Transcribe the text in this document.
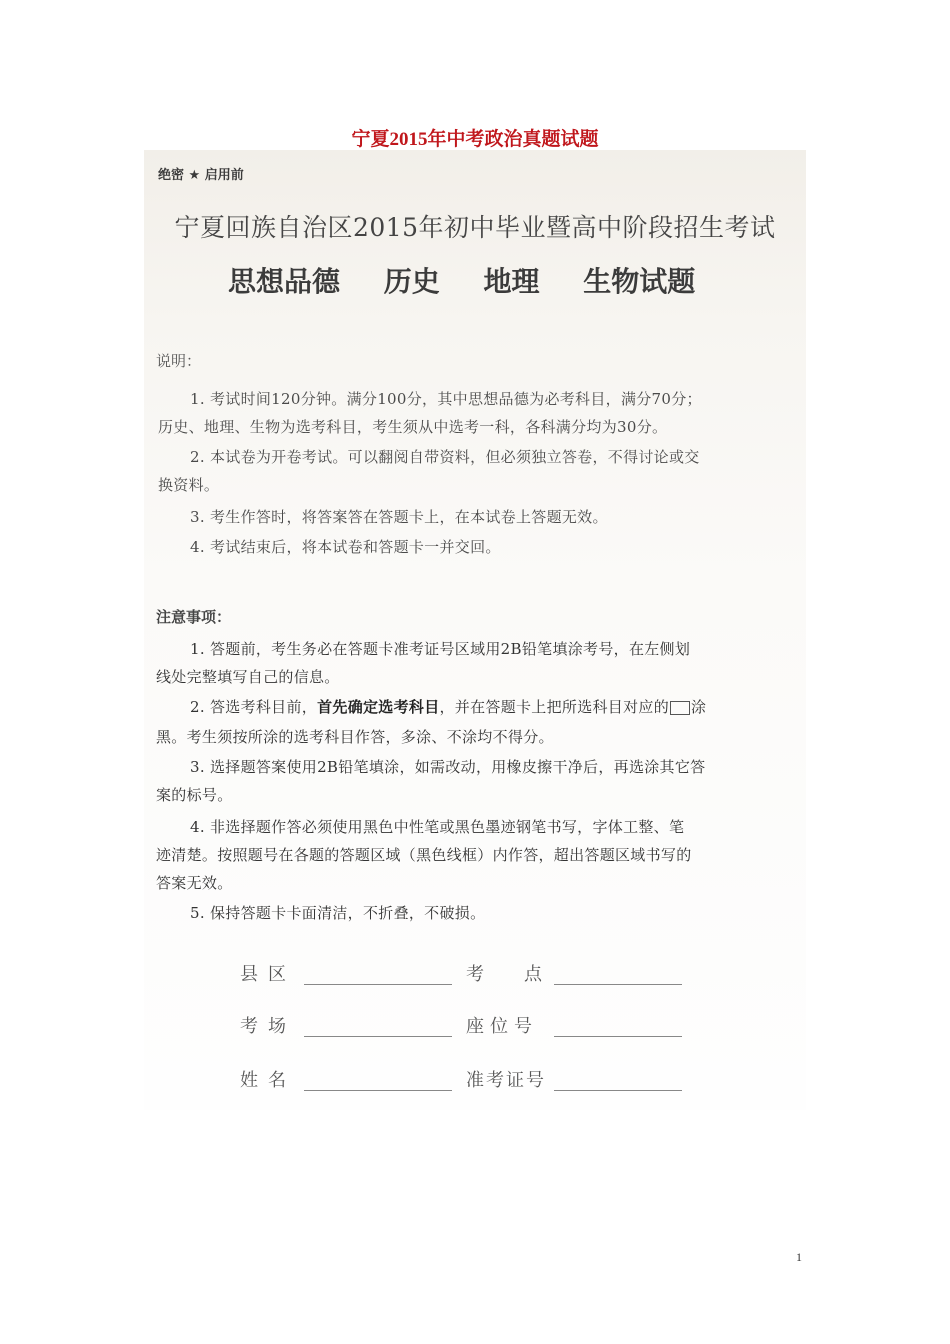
宁夏2015年中考政治真题试题
绝密 ★ 启用前
宁夏回族自治区2015年初中毕业暨高中阶段招生考试
思想品德 历史 地理 生物试题
说明：
1. 考试时间120分钟。满分100分，其中思想品德为必考科目，满分70分；
历史、地理、生物为选考科目，考生须从中选考一科，各科满分均为30分。
2. 本试卷为开卷考试。可以翻阅自带资料，但必须独立答卷，不得讨论或交
换资料。
3. 考生作答时，将答案答在答题卡上，在本试卷上答题无效。
4. 考试结束后，将本试卷和答题卡一并交回。
注意事项：
1. 答题前，考生务必在答题卡准考证号区域用2B铅笔填涂考号，在左侧划
线处完整填写自己的信息。
2. 答选考科目前，首先确定选考科目，并在答题卡上把所选科目对应的 涂
黑。考生须按所涂的选考科目作答，多涂、不涂均不得分。
3. 选择题答案使用2B铅笔填涂，如需改动，用橡皮擦干净后，再选涂其它答
案的标号。
4. 非选择题作答必须使用黑色中性笔或黑色墨迹钢笔书写，字体工整、笔
迹清楚。按照题号在各题的答题区域（黑色线框）内作答，超出答题区域书写的
答案无效。
5. 保持答题卡卡面清洁，不折叠，不破损。
县区	考点
考场	座位号
姓名	准考证号
1
